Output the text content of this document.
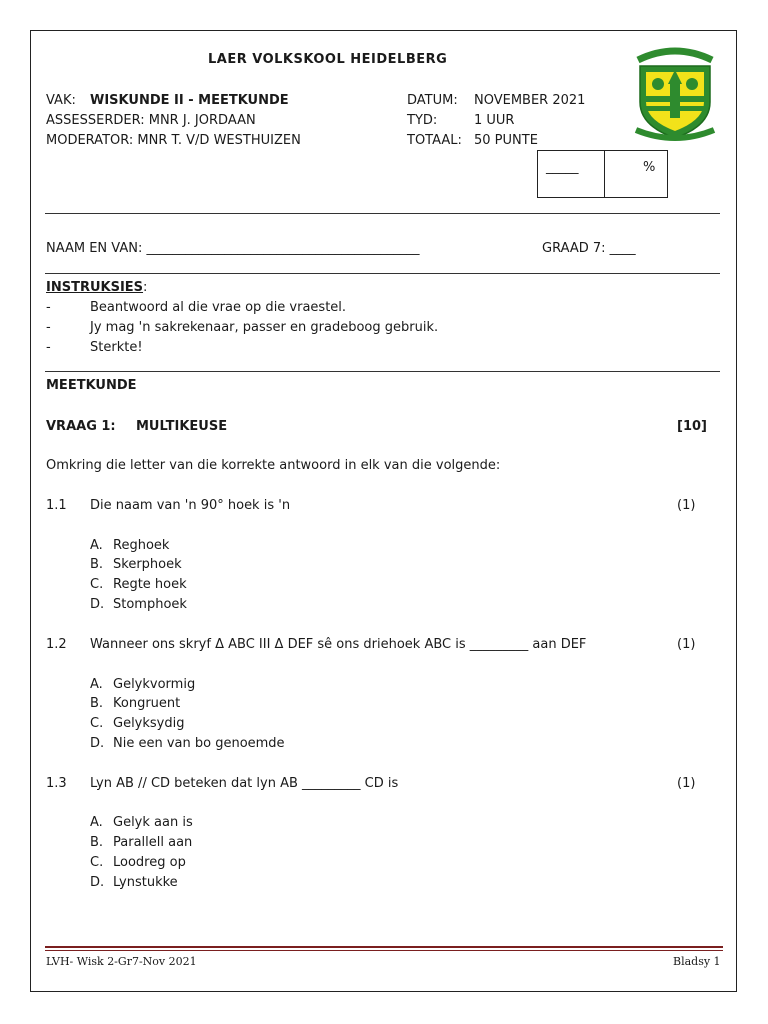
LAER VOLKSKOOL HEIDELBERG
VAK: WISKUNDE II - MEETKUNDE
ASSESSERDER: MNR J. JORDAAN
MODERATOR: MNR T. V/D WESTHUIZEN
DATUM: NOVEMBER 2021
TYD:	1 UUR
TOTAAL: 50 PUNTE
_____	%
NAAM EN VAN: __________________________________________	GRAAD 7: ____
INSTRUKSIES:
-	Beantwoord al die vrae op die vraestel.
-	Jy mag 'n sakrekenaar, passer en gradeboog gebruik.
-	Sterkte!
MEETKUNDE
VRAAG 1: MULTIKEUSE	[10]
Omkring die letter van die korrekte antwoord in elk van die volgende:
1.1 Die naam van 'n 90° hoek is 'n	(1)
A. Reghoek
B. Skerphoek
C. Regte hoek
D. Stomphoek
1.2 Wanneer ons skryf Δ ABC III Δ DEF sê ons driehoek ABC is _________ aan DEF	(1)
A. Gelykvormig
B. Kongruent
C. Gelyksydig
D. Nie een van bo genoemde
1.3 Lyn AB // CD beteken dat lyn AB _________ CD is	(1)
A. Gelyk aan is
B. Parallell aan
C. Loodreg op
D. Lynstukke
LVH- Wisk 2-Gr7-Nov 2021	Bladsy 1
